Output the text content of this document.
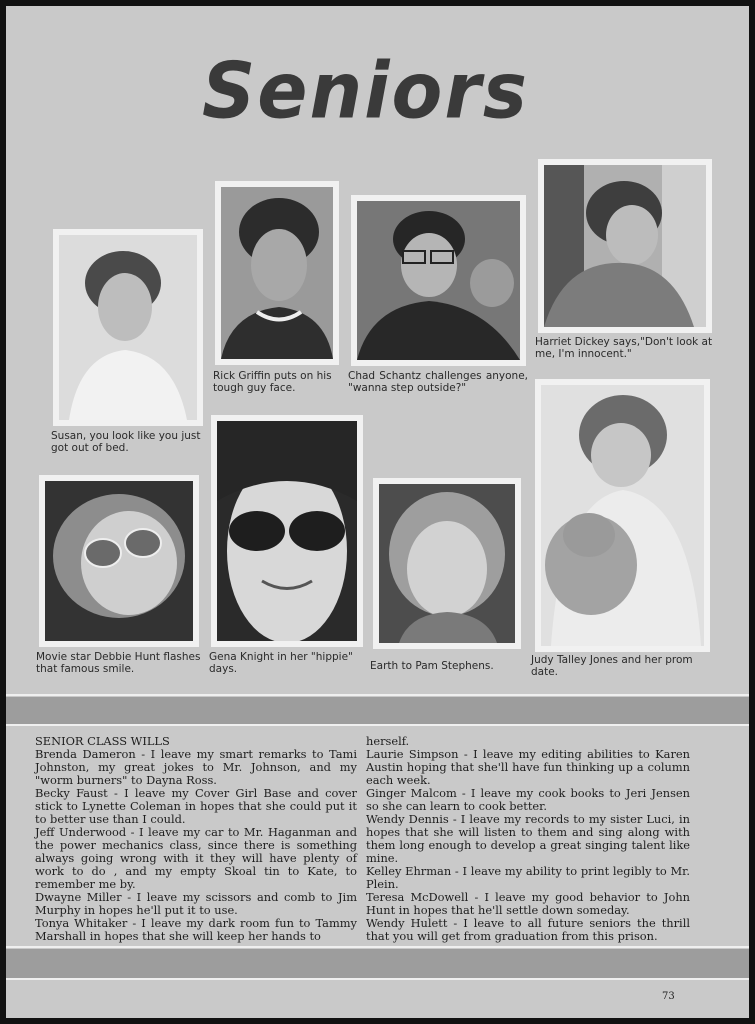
Seniors
Susan, you look like you just got out of bed.
Rick Griffin puts on his tough guy face.
Chad Schantz challenges anyone, "wanna step outside?"
Harriet Dickey says,"Don't look at me, I'm innocent."
Judy Talley Jones and her prom date.
Movie star Debbie Hunt flashes that famous smile.
Gena Knight in her "hippie" days.	Earth to Pam Stephens.

SENIOR CLASS WILLS

Brenda Dameron - I leave my smart remarks to Tami Johnston, my great jokes to Mr. Johnson, and my "worm burners" to Dayna Ross.

Becky Faust - I leave my Cover Girl Base and cover stick to Lynette Coleman in hopes that she could put it to better use than I could.

Jeff Underwood - I leave my car to Mr. Haganman and the power mechanics class, since there is something always going wrong with it they will have plenty of work to do , and my empty Skoal tin to Kate, to remember me by.

Dwayne Miller - I leave my scissors and comb to Jim Murphy in hopes he'll put it to use.

Tonya Whitaker - I leave my dark room fun to Tammy Marshall in hopes that she will keep her hands to

herself.

Laurie Simpson - I leave my editing abilities to Karen Austin hoping that she'll have fun thinking up a column each week.

Ginger Malcom - I leave my cook books to Jeri Jensen so she can learn to cook better.

Wendy Dennis - I leave my records to my sister Luci, in hopes that she will listen to them and sing along with them long enough to develop a great singing talent like mine.

Kelley Ehrman - I leave my ability to print legibly to Mr. Plein.

Teresa McDowell - I leave my good behavior to John Hunt in hopes that he'll settle down someday.

Wendy Hulett - I leave to all future seniors the thrill that you will get from graduation from this prison.

73
